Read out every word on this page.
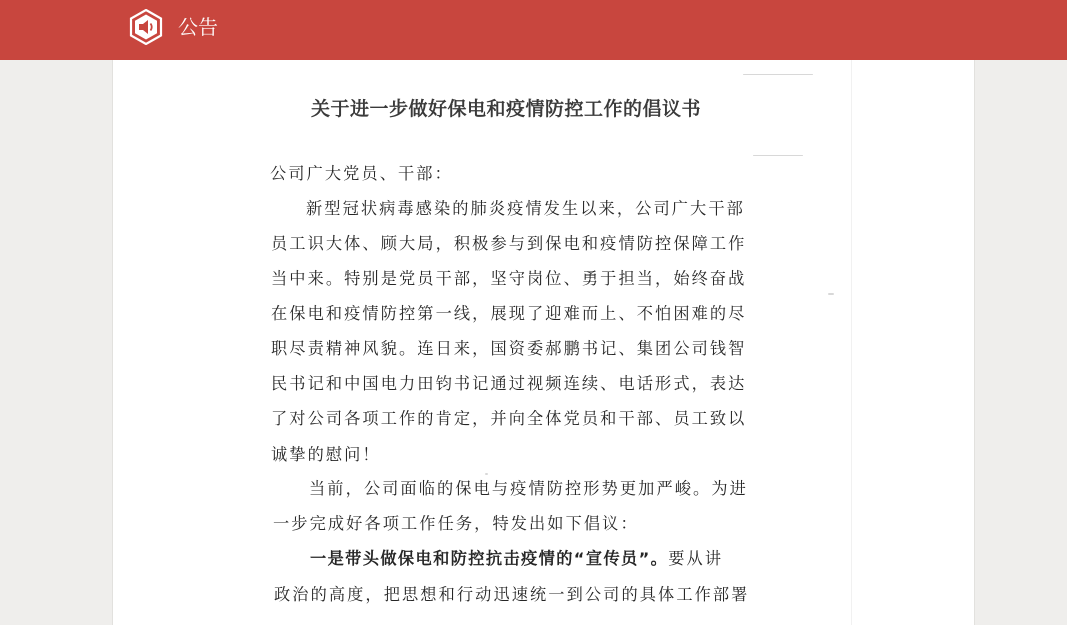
公告
关于进一步做好保电和疫情防控工作的倡议书
公司广大党员、干部：
新型冠状病毒感染的肺炎疫情发生以来，公司广大干部
员工识大体、顾大局，积极参与到保电和疫情防控保障工作
当中来。特别是党员干部，坚守岗位、勇于担当，始终奋战
在保电和疫情防控第一线，展现了迎难而上、不怕困难的尽
职尽责精神风貌。连日来，国资委郝鹏书记、集团公司钱智
民书记和中国电力田钧书记通过视频连续、电话形式，表达
了对公司各项工作的肯定，并向全体党员和干部、员工致以
诚挚的慰问！
当前，公司面临的保电与疫情防控形势更加严峻。为进
一步完成好各项工作任务，特发出如下倡议：
一是带头做保电和防控抗击疫情的“宣传员”。要从讲
政治的高度，把思想和行动迅速统一到公司的具体工作部署
